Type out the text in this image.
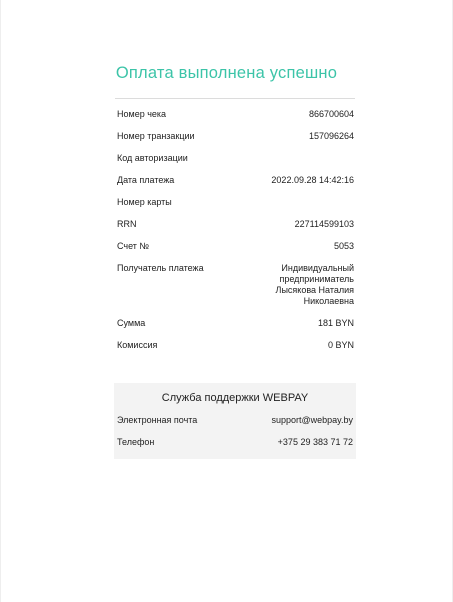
Оплата выполнена успешно
Номер чека	866700604
Номер транзакции	157096264
Код авторизации
Дата платежа	2022.09.28 14:42:16
Номер карты
RRN	227114599103
Счет №	5053
Получатель платежа	Индивидуальный предприниматель Лысякова Наталия Николаевна
Сумма	181 BYN
Комиссия	0 BYN
Служба поддержки WEBPAY
Электронная почта	support@webpay.by
Телефон	+375 29 383 71 72
